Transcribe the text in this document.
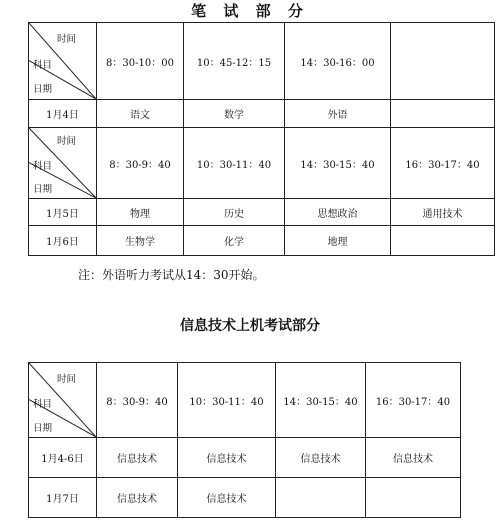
笔 试 部 分
时间
科目
日期	8：30-10：00	10：45-12：15	14：30-16：00	
1月4日	语文	数学	外语	

时间
科目
日期	8：30-9：40	10：30-11：40	14：30-15：40	16：30-17：40
1月5日	物理	历史	思想政治	通用技术
1月6日	生物学	化学	地理	
注：外语听力考试从14：30开始。
信息技术上机考试部分
时间
科目
日期	8：30-9：40	10：30-11：40	14：30-15：40	16：30-17：40
1月4-6日	信息技术	信息技术	信息技术	信息技术
1月7日	信息技术	信息技术		
